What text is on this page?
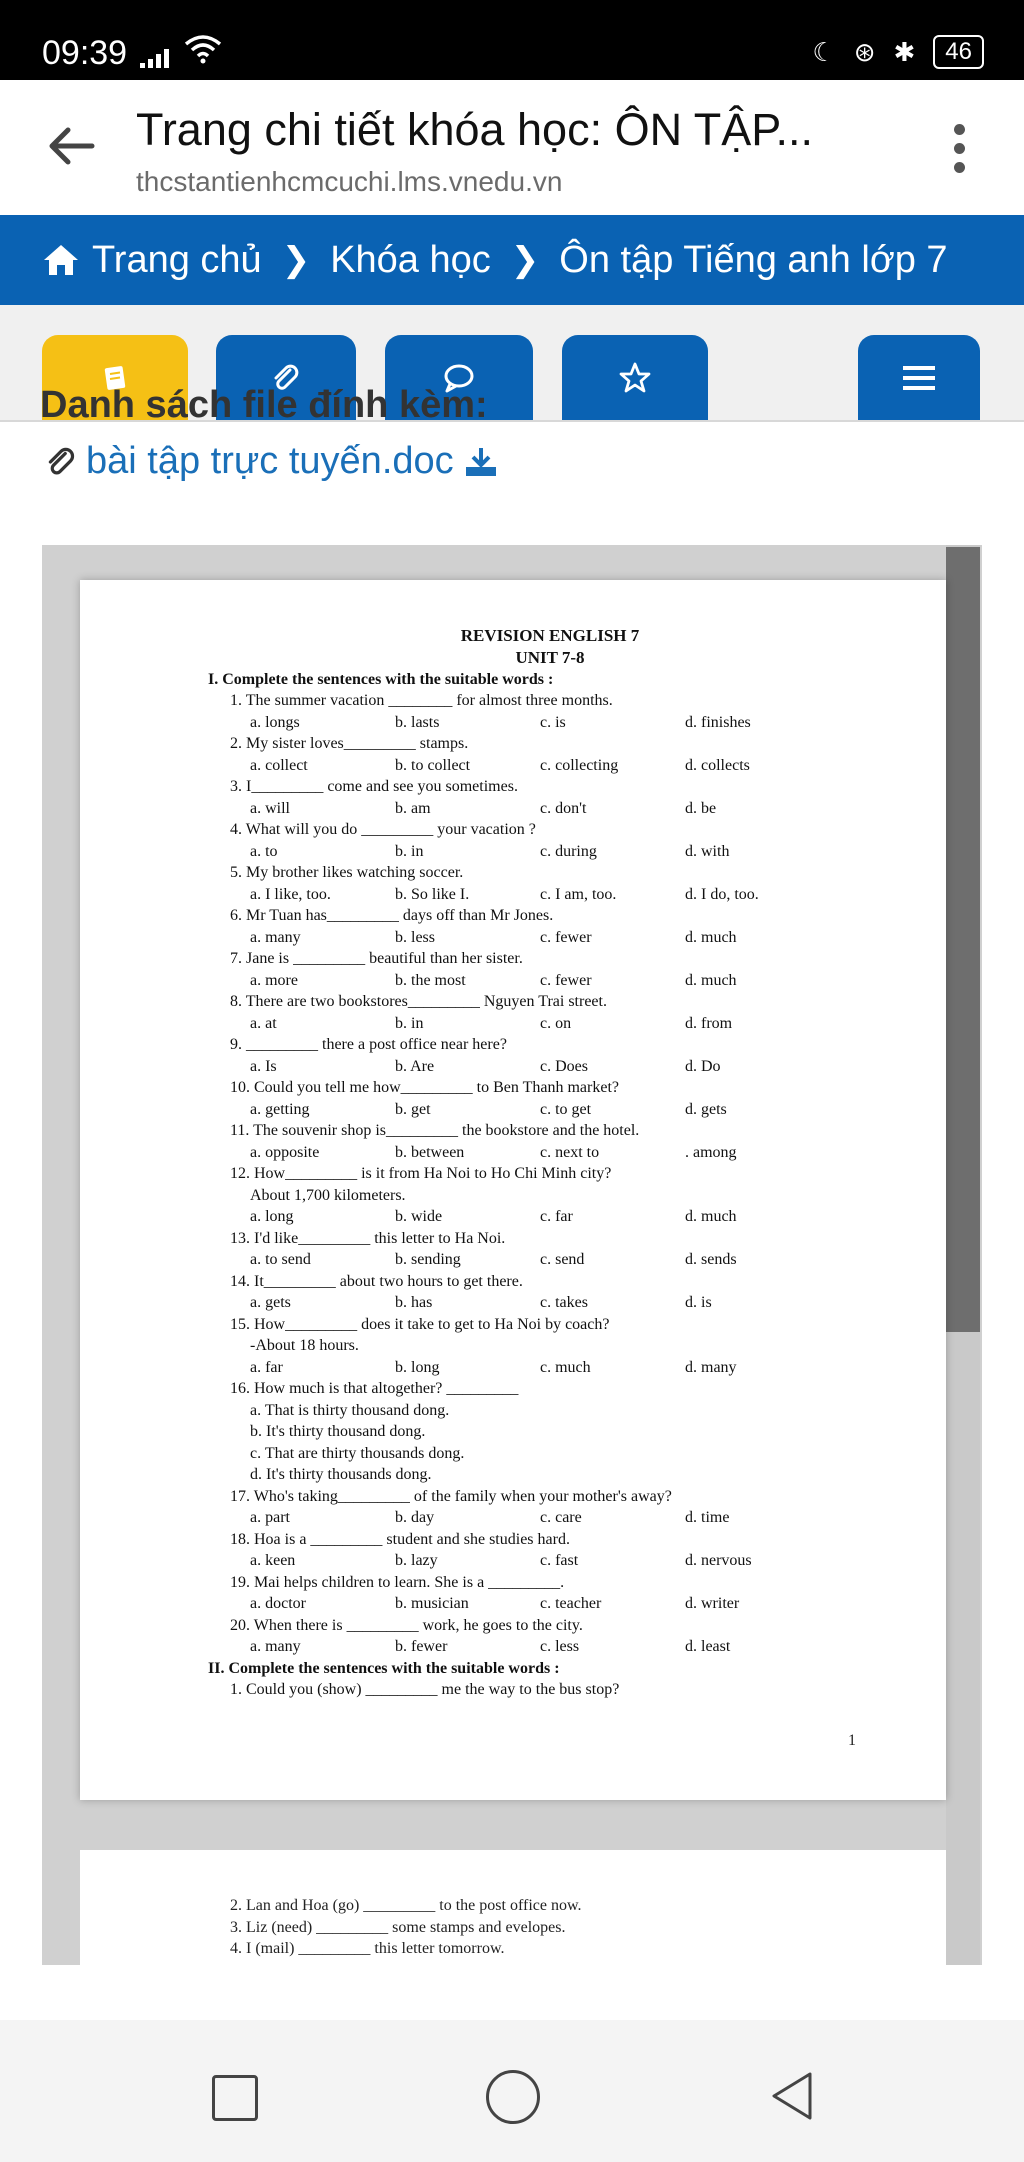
09:39	☾ ⊛ ✱	46
Trang chi tiết khóa học: ÔN TẬP...
thcstantienhcmcuchi.lms.vnedu.vn
Trang chủ ❯ Khóa học ❯ Ôn tập Tiếng anh lớp 7
Danh sách file đính kèm:
bài tập trực tuyến.doc
REVISION ENGLISH 7
UNIT 7-8
I. Complete the sentences with the suitable words :
1. The summer vacation ________ for almost three months.
a. longs	b. lasts	c. is	d. finishes
2. My sister loves_________ stamps.
a. collect	b. to collect	c. collecting	d. collects
3. I_________ come and see you sometimes.
a. will	b. am	c. don't	d. be
4. What will you do _________ your vacation ?
a. to	b. in	c. during	d. with
5. My brother likes watching soccer.
a. I like, too.	b. So like I.	c. I am, too.	d. I do, too.
6. Mr Tuan has_________ days off than Mr Jones.
a. many	b. less	c. fewer	d. much
7. Jane is _________ beautiful than her sister.
a. more	b. the most	c. fewer	d. much
8. There are two bookstores_________ Nguyen Trai street.
a. at	b. in	c. on	d. from
9. _________ there a post office near here?
a. Is	b. Are	c. Does	d. Do
10. Could you tell me how_________ to Ben Thanh market?
a. getting	b. get	c. to get	d. gets
11. The souvenir shop is_________ the bookstore and the hotel.
a. opposite	b. between	c. next to	. among
12. How_________ is it from Ha Noi to Ho Chi Minh city?
About 1,700 kilometers.
a. long	b. wide	c. far	d. much
13. I'd like_________ this letter to Ha Noi.
a. to send	b. sending	c. send	d. sends
14. It_________ about two hours to get there.
a. gets	b. has	c. takes	d. is
15. How_________ does it take to get to Ha Noi by coach?
-About 18 hours.
a. far	b. long	c. much	d. many
16. How much is that altogether? _________
a. That is thirty thousand dong.
b. It's thirty thousand dong.
c. That are thirty thousands dong.
d. It's thirty thousands dong.
17. Who's taking_________ of the family when your mother's away?
a. part	b. day	c. care	d. time
18. Hoa is a _________ student and she studies hard.
a. keen	b. lazy	c. fast	d. nervous
19. Mai helps children to learn. She is a _________.
a. doctor	b. musician	c. teacher	d. writer
20. When there is _________ work, he goes to the city.
a. many	b. fewer	c. less	d. least
II. Complete the sentences with the suitable words :
1. Could you (show) _________ me the way to the bus stop?
1
2. Lan and Hoa (go) _________ to the post office now.
3. Liz (need) _________ some stamps and evelopes.
4. I (mail) _________ this letter tomorrow.
